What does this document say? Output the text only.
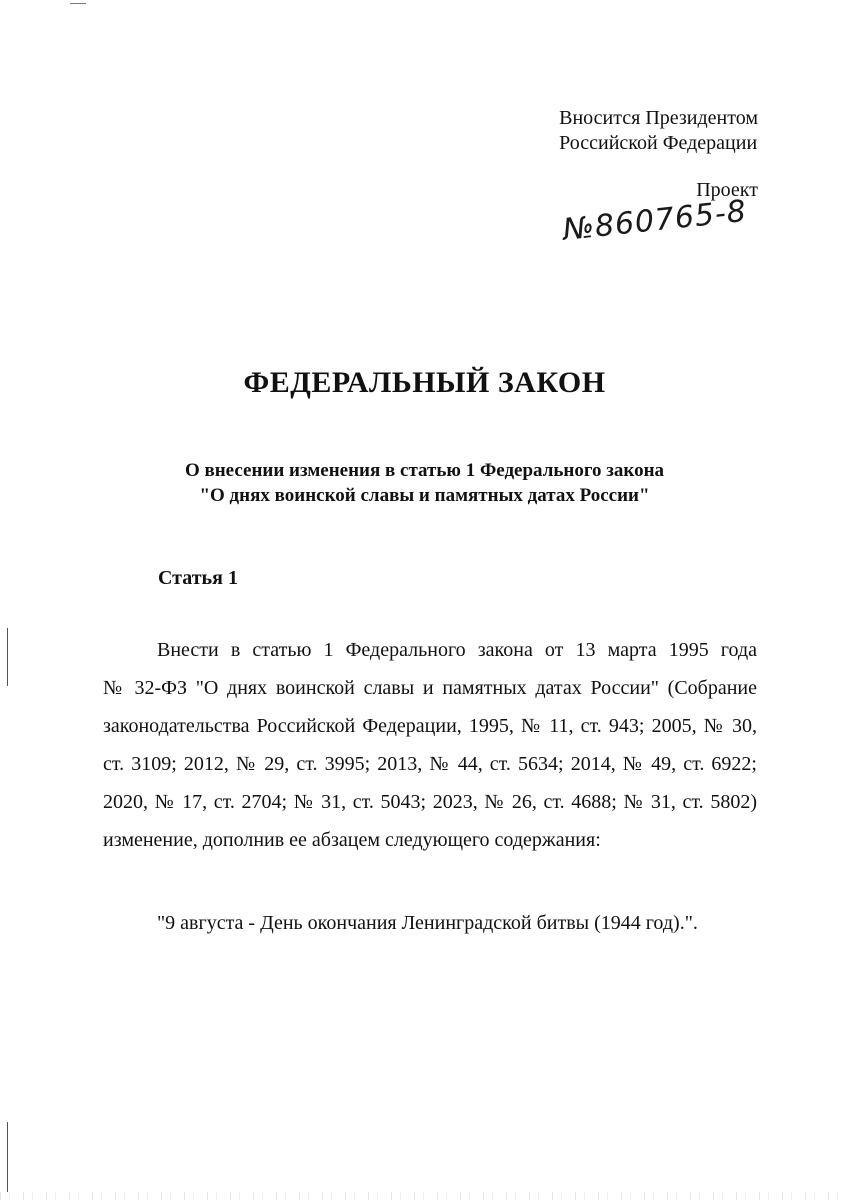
Вносится Президентом
Российской Федерации
Проект
№860765-8
ФЕДЕРАЛЬНЫЙ ЗАКОН
О внесении изменения в статью 1 Федерального закона
"О днях воинской славы и памятных датах России"
Статья 1
Внести в статью 1 Федерального закона от 13 марта 1995 года
№ 32-ФЗ "О днях воинской славы и памятных датах России" (Собрание
законодательства Российской Федерации, 1995, № 11, ст. 943; 2005, № 30,
ст. 3109; 2012, № 29, ст. 3995; 2013, № 44, ст. 5634; 2014, № 49, ст. 6922;
2020, № 17, ст. 2704; № 31, ст. 5043; 2023, № 26, ст. 4688; № 31, ст. 5802)
изменение, дополнив ее абзацем следующего содержания:
"9 августа - День окончания Ленинградской битвы (1944 год).".
